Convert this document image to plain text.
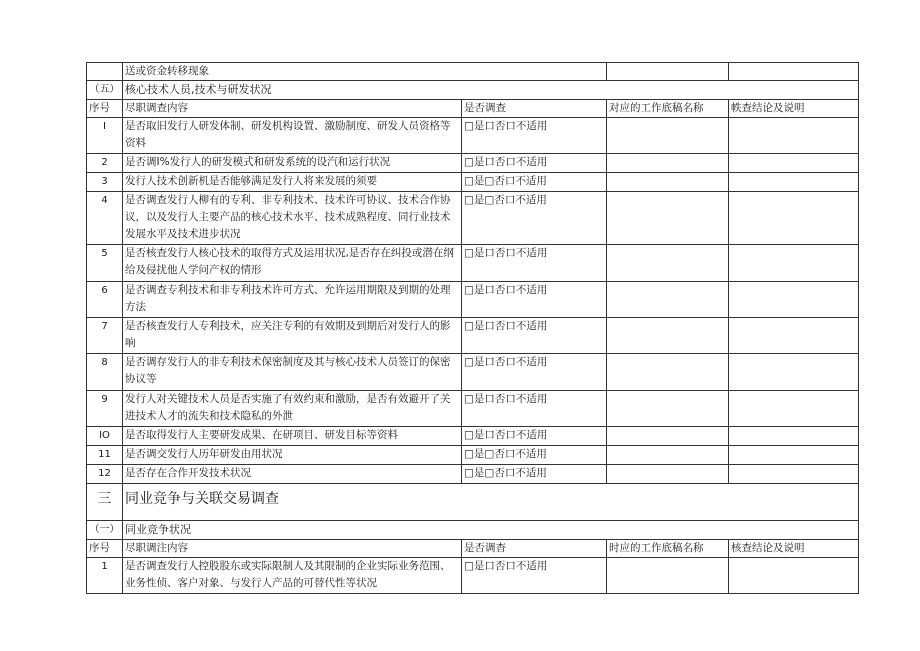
	送或资金转移现象			
（五）	核心技术人员,技术与研发状况			
序号	尽职调查内容	是否调查	对应的工作底稿名称	帙查结论及说明
I	是否取旧发行人研发体制、研发机构设置、激励制度、研发人员资格等资料	□是口否口不适用		
2	是否调I%发行人的研发模式和研发系统的设汽和运行状况	□是口否口不适用		
3	发行人技术创新机是否能够满足发行人将来发展的须要	□是□否口不适用		
4	是否调查发行人柳有的专利、非专利技术、技术许可协议、技术合作协议，以及发行人主要产品的核心技术水平、技术成熟程度、同行业技术发展水平及技术进步状况	□是□否口不适用		
5	是否核查发行人核心技术的取得方式及运用状况,是否存在纠投或潜在纲给及侵扰他人学问产权的情形	□是口否口不适用		
6	是否调查专利技术和非专利技术许可方式、允许运用期限及到期的处理方法	□是口否口不适用		
7	是否核查发行人专利技术，应关注专利的有效期及到期后对发行人的影响	□是口否口不适用		
8	是否调存发行人的非专利技术保密制度及其与核心技术人员签订的保密协议等	□是口否口不适用		
9	发行人对关键技术人员是否实施了有效约束和激励，是否有效避开了关进技术人才的流失和技术隐私的外泄	□是口否口不适用		
IO	是否取得发行人主要研发成果、在研项目、研发目标等资料	□是口否口不适用		
11	是否调交发行人历年研发由用状况	□是□否口不适用		
12	是否存在合作开发技术状况	□是□否口不适用		
三	同业竞争与关联交易调查			
（一）	同业竞争状况			
序号	尽职调注内容	是否调杳	时应的工作底稿名称	核查结论及说明
1	是否调查发行人控股股东或实际限制人及其限制的企业实际业务范围、业务性侦、客户对象、与发行人产品的可替代性等状况	□是口否口不适用		
